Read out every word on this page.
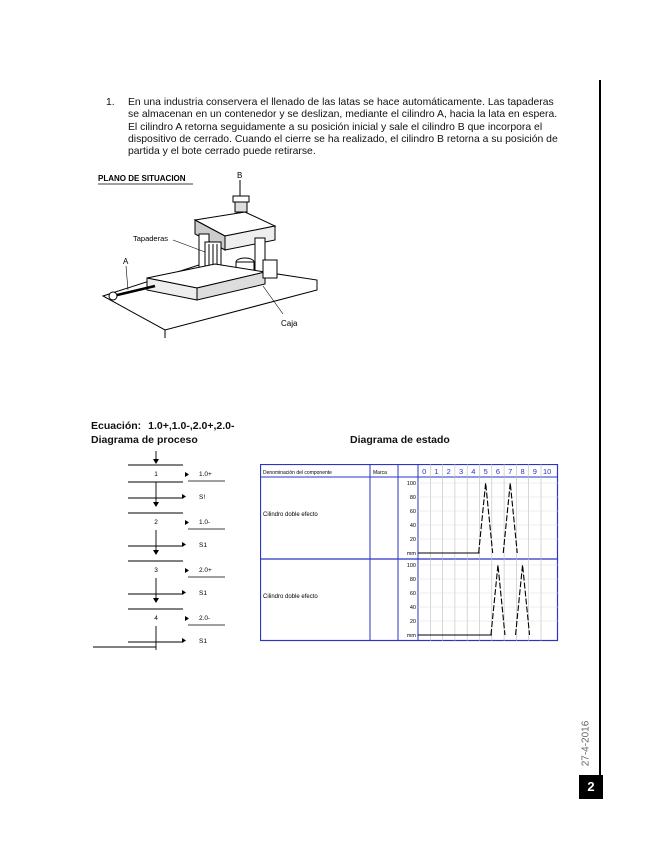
1. En una industria conservera el llenado de las latas se hace automáticamente. Las tapaderas se almacenan en un contenedor y se deslizan, mediante el cilindro A, hacia la lata en espera. El cilindro A retorna seguidamente a su posición inicial y sale el cilindro B que incorpora el dispositivo de cerrado. Cuando el cierre se ha realizado, el cilindro B retorna a su posición de partida y el bote cerrado puede retirarse.
PLANO DE SITUACION	B
Tapaderas
A
Caja
Ecuación: 1.0+,1.0-,2.0+,2.0-
Diagrama de proceso	Diagrama de estado
1	1.0+
S!
2	1.0-
S1
3	2.0+
S1
4	2.0-
S1
0 1 2 3 4 5 6 7 8 9 10
Denominación del componente	Marca
Cilindro doble efecto
100
80
60
40
20
mm
Cilindro doble efecto
100
80
60
40
20
mm
27-4-2016
2
